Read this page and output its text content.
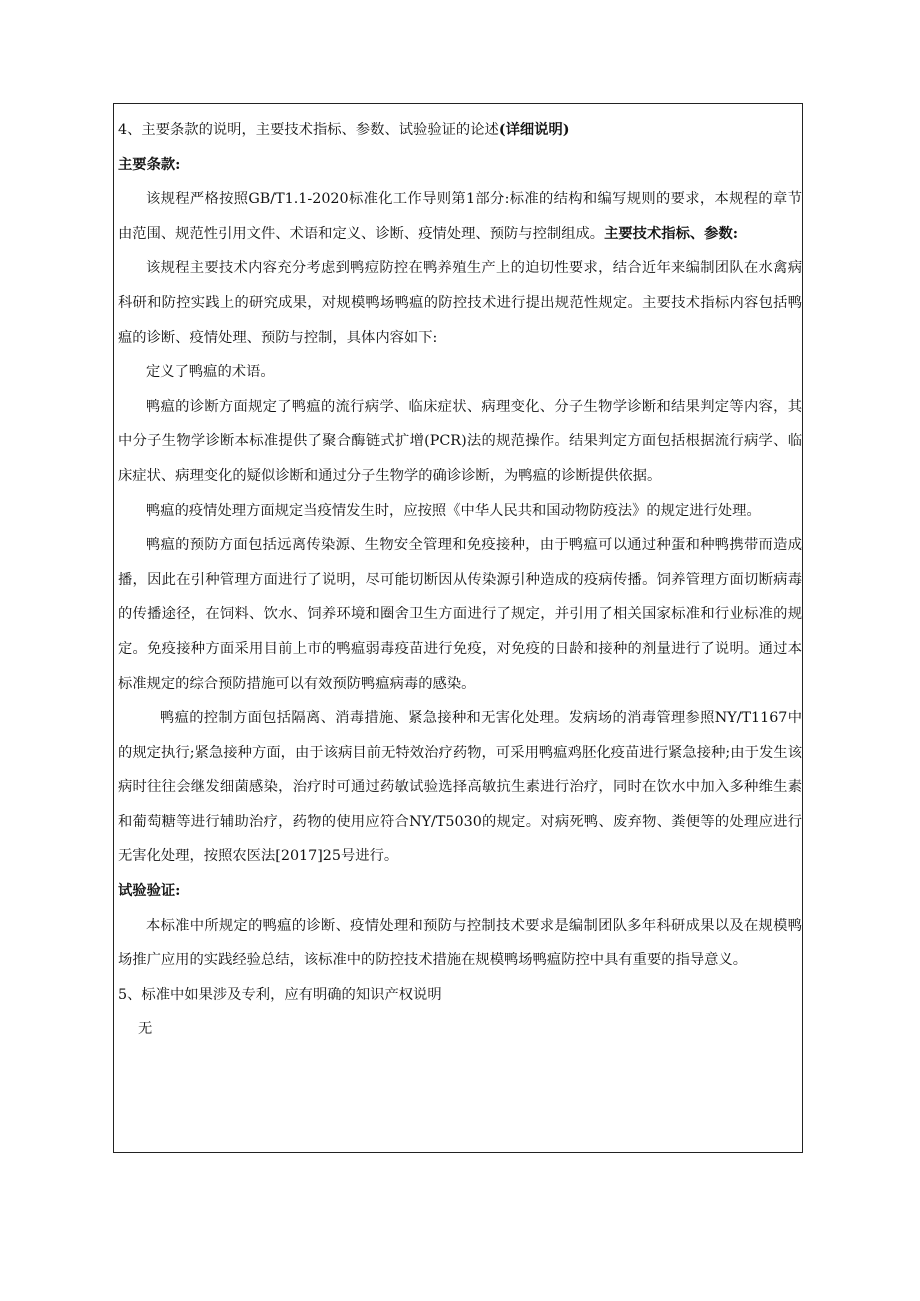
4、主要条款的说明，主要技术指标、参数、试验验证的论述(详细说明)

主要条款:

该规程严格按照GB/T1.1-2020标准化工作导则第1部分:标准的结构和编写规则的要求，本规程的章节由范围、规范性引用文件、术语和定义、诊断、疫情处理、预防与控制组成。主要技术指标、参数:

该规程主要技术内容充分考虑到鸭痘防控在鸭养殖生产上的迫切性要求，结合近年来编制团队在水禽病科研和防控实践上的研究成果，对规模鸭场鸭瘟的防控技术进行提出规范性规定。主要技术指标内容包括鸭瘟的诊断、疫情处理、预防与控制，具体内容如下:

定义了鸭瘟的术语。

鸭瘟的诊断方面规定了鸭瘟的流行病学、临床症状、病理变化、分子生物学诊断和结果判定等内容，其中分子生物学诊断本标准提供了聚合酶链式扩增(PCR)法的规范操作。结果判定方面包括根据流行病学、临床症状、病理变化的疑似诊断和通过分子生物学的确诊诊断，为鸭瘟的诊断提供依据。

鸭瘟的疫情处理方面规定当疫情发生时，应按照《中华人民共和国动物防疫法》的规定进行处理。

鸭瘟的预防方面包括远离传染源、生物安全管理和免疫接种，由于鸭瘟可以通过种蛋和种鸭携带而造成播，因此在引种管理方面进行了说明，尽可能切断因从传染源引种造成的疫病传播。饲养管理方面切断病毒的传播途径，在饲料、饮水、饲养环境和圈舍卫生方面进行了规定，并引用了相关国家标准和行业标准的规定。免疫接种方面采用目前上市的鸭瘟弱毒疫苗进行免疫，对免疫的日龄和接种的剂量进行了说明。通过本标准规定的综合预防措施可以有效预防鸭瘟病毒的感染。

鸭瘟的控制方面包括隔离、消毒措施、紧急接种和无害化处理。发病场的消毒管理参照NY/T1167中的规定执行;紧急接种方面，由于该病目前无特效治疗药物，可采用鸭瘟鸡胚化疫苗进行紧急接种;由于发生该病时往往会继发细菌感染，治疗时可通过药敏试验选择高敏抗生素进行治疗，同时在饮水中加入多种维生素和葡萄糖等进行辅助治疗，药物的使用应符合NY/T5030的规定。对病死鸭、废弃物、粪便等的处理应进行无害化处理，按照农医法[2017]25号进行。

试验验证:

本标准中所规定的鸭瘟的诊断、疫情处理和预防与控制技术要求是编制团队多年科研成果以及在规模鸭场推广应用的实践经验总结，该标准中的防控技术措施在规模鸭场鸭瘟防控中具有重要的指导意义。

5、标准中如果涉及专利，应有明确的知识产权说明

无
